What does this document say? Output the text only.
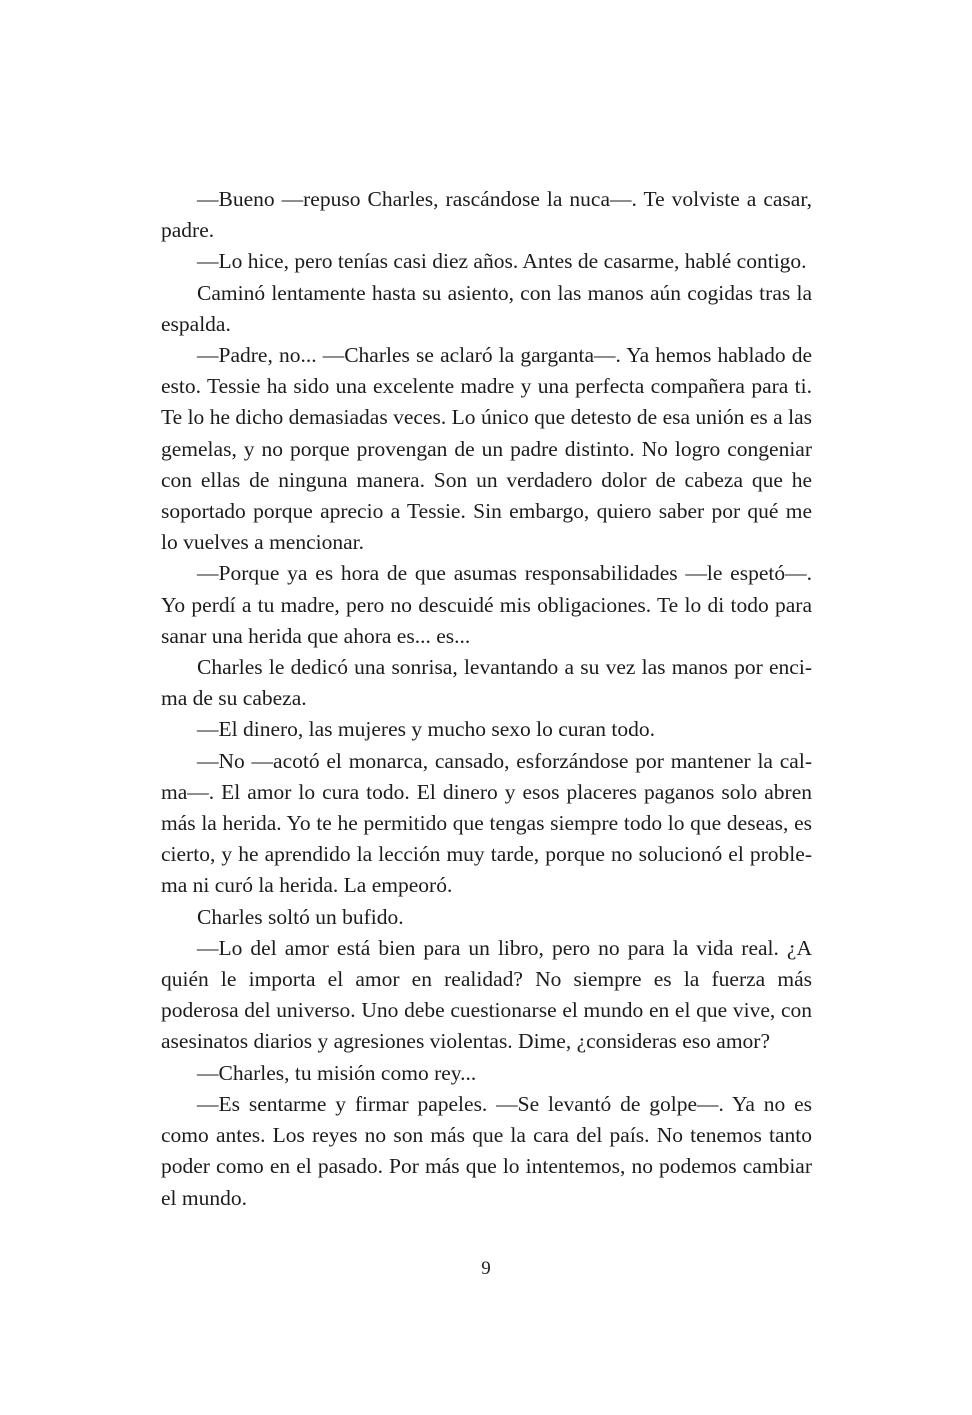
—Bueno —repuso Charles, rascándose la nuca—. Te volviste a casar, padre.

—Lo hice, pero tenías casi diez años. Antes de casarme, hablé contigo.

Caminó lentamente hasta su asiento, con las manos aún cogidas tras la espalda.

—Padre, no... —Charles se aclaró la garganta—. Ya hemos hablado de esto. Tessie ha sido una excelente madre y una perfecta compañera para ti. Te lo he dicho demasiadas veces. Lo único que detesto de esa unión es a las gemelas, y no porque provengan de un padre distinto. No logro congeniar con ellas de ninguna manera. Son un verdadero dolor de cabeza que he soportado porque aprecio a Tessie. Sin embargo, quiero saber por qué me lo vuelves a mencionar.

—Porque ya es hora de que asumas responsabilidades —le espetó—. Yo perdí a tu madre, pero no descuidé mis obligaciones. Te lo di todo para sanar una herida que ahora es... es...

Charles le dedicó una sonrisa, levantando a su vez las manos por encima de su cabeza.

—El dinero, las mujeres y mucho sexo lo curan todo.

—No —acotó el monarca, cansado, esforzándose por mantener la calma—. El amor lo cura todo. El dinero y esos placeres paganos solo abren más la herida. Yo te he permitido que tengas siempre todo lo que deseas, es cierto, y he aprendido la lección muy tarde, porque no solucionó el problema ni curó la herida. La empeoró.

Charles soltó un bufido.

—Lo del amor está bien para un libro, pero no para la vida real. ¿A quién le importa el amor en realidad? No siempre es la fuerza más poderosa del universo. Uno debe cuestionarse el mundo en el que vive, con asesinatos diarios y agresiones violentas. Dime, ¿consideras eso amor?

—Charles, tu misión como rey...

—Es sentarme y firmar papeles. —Se levantó de golpe—. Ya no es como antes. Los reyes no son más que la cara del país. No tenemos tanto poder como en el pasado. Por más que lo intentemos, no podemos cambiar el mundo.

9
